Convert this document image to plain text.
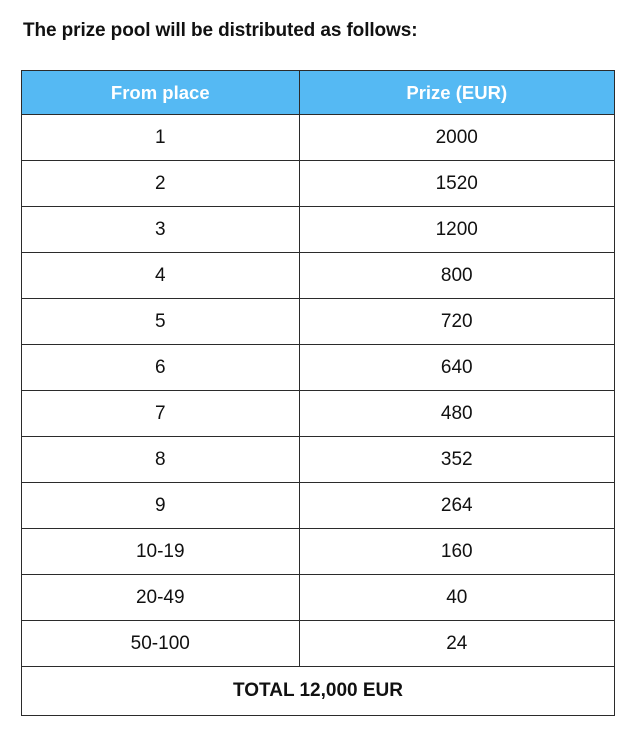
The prize pool will be distributed as follows:
From place	Prize (EUR)
1	2000
2	1520
3	1200
4	800
5	720
6	640
7	480
8	352
9	264
10-19	160
20-49	40
50-100	24
TOTAL 12,000 EUR	
